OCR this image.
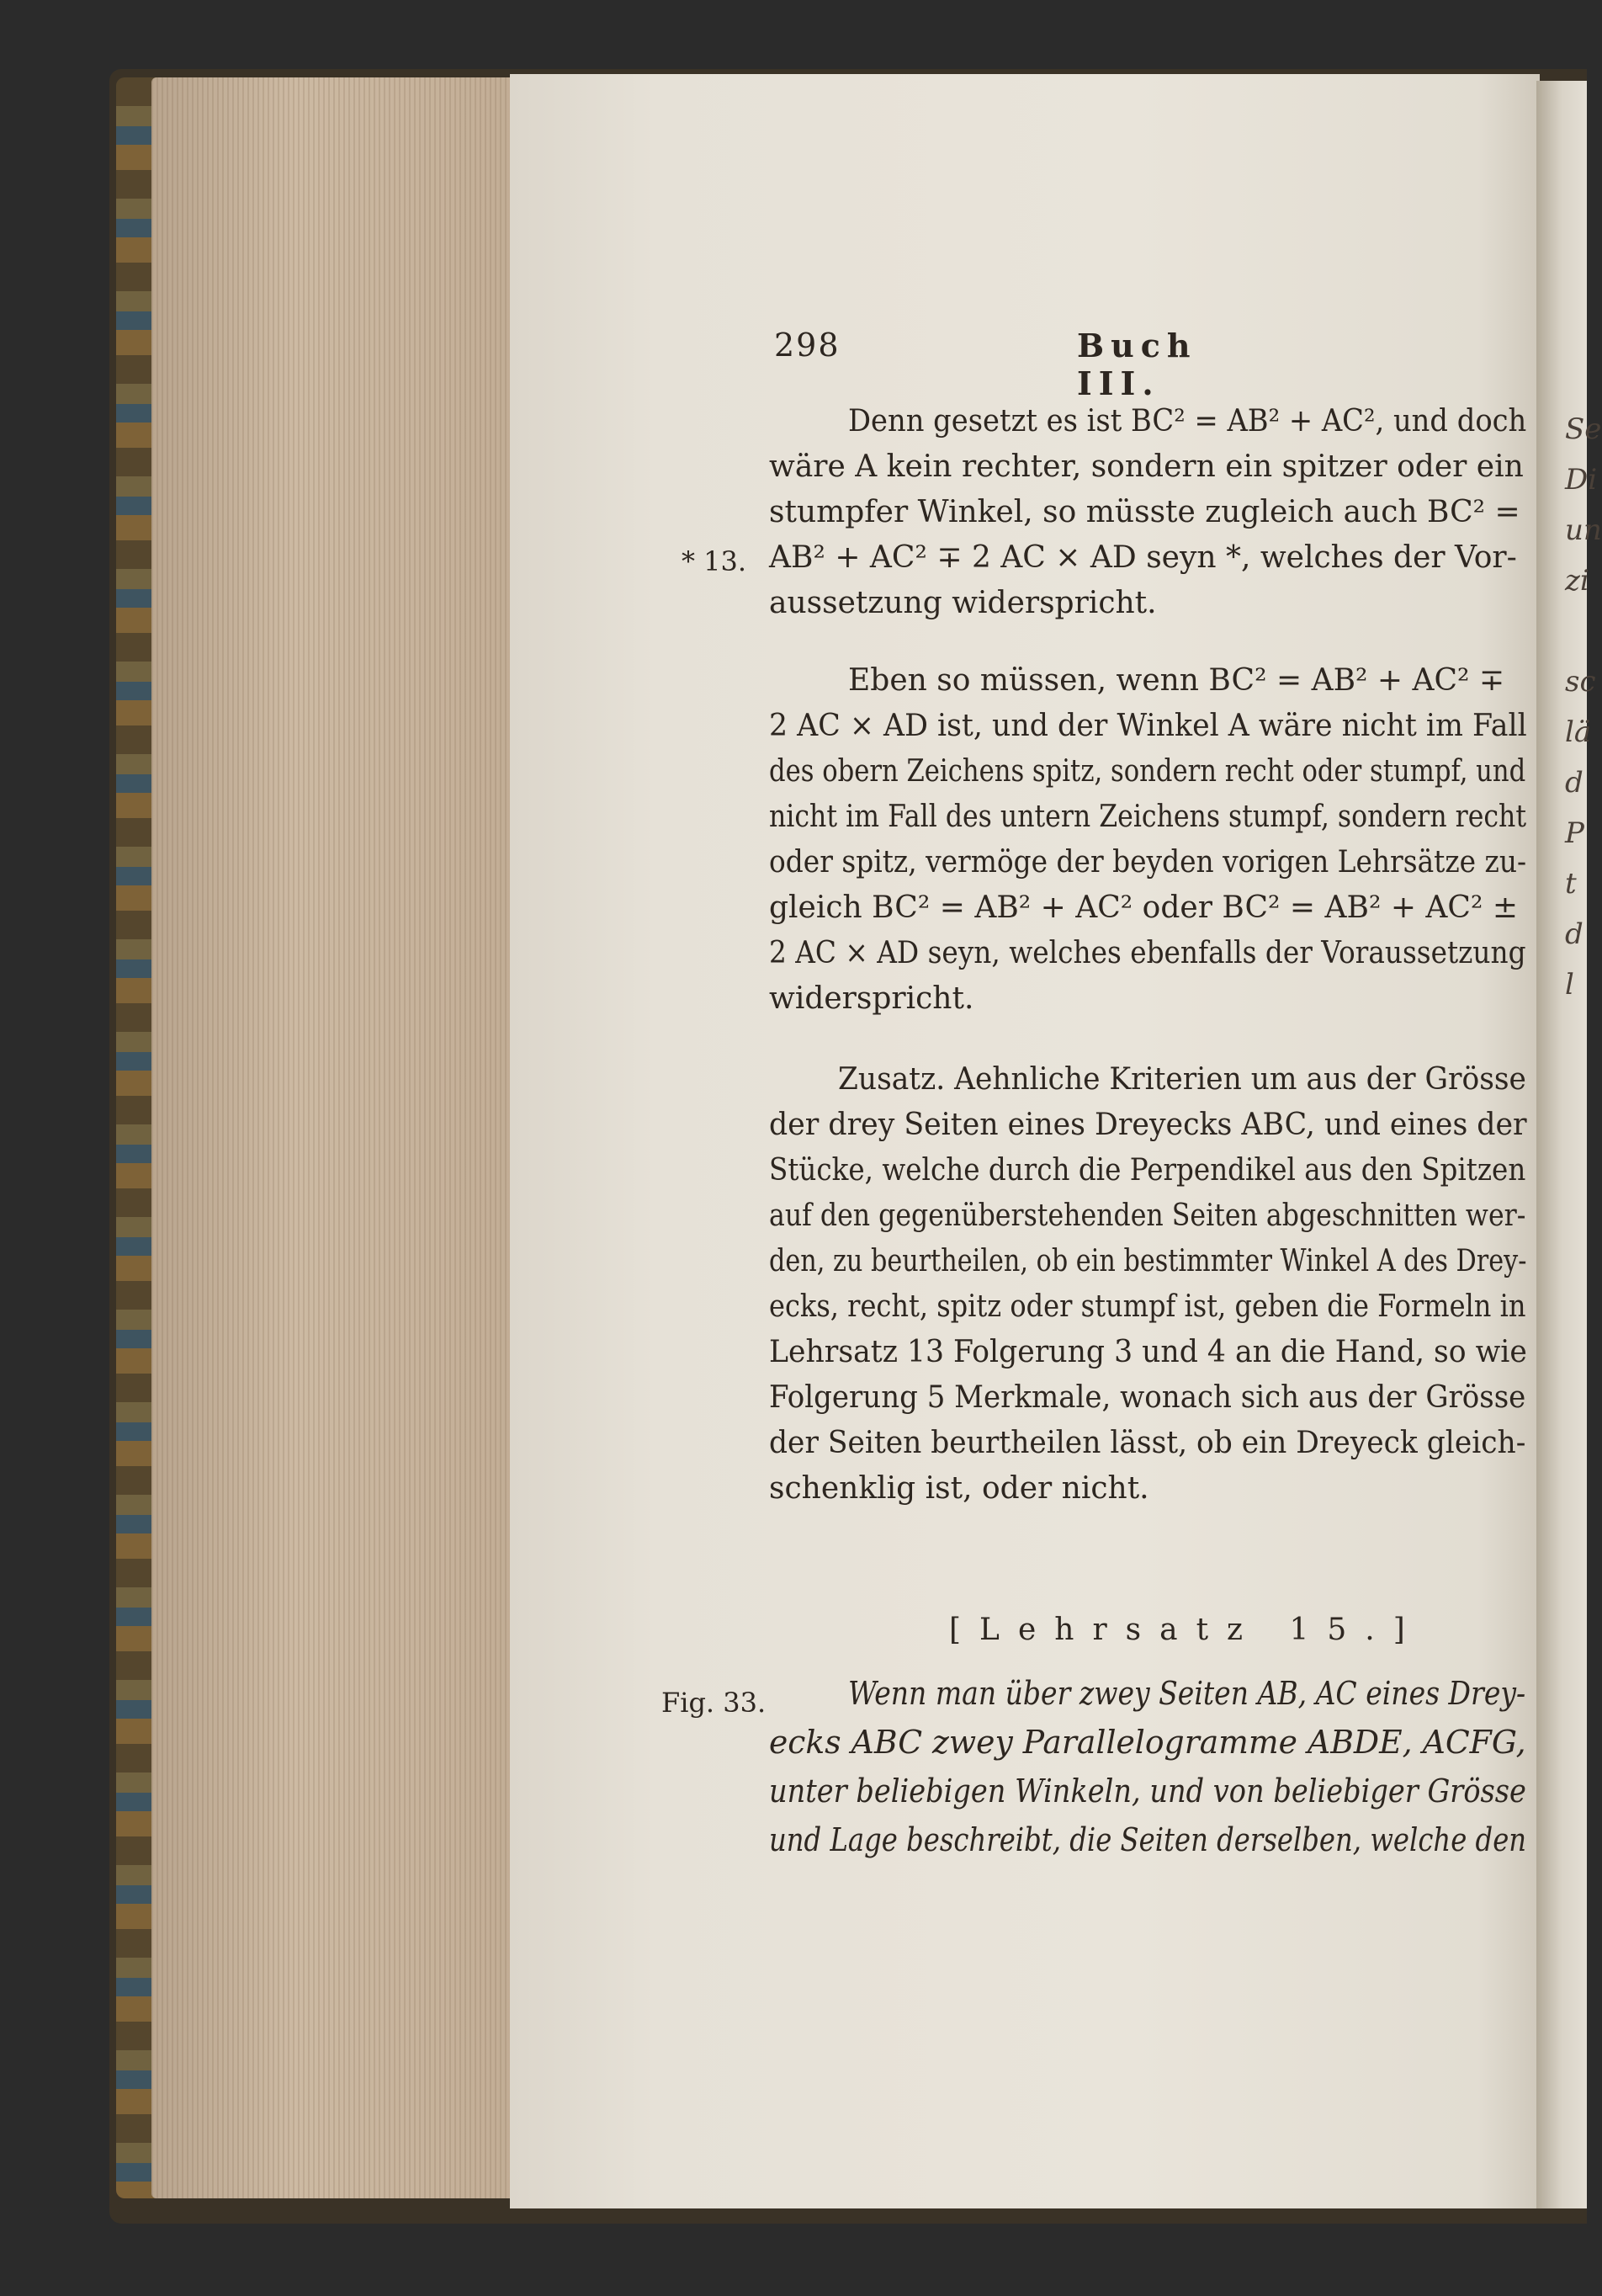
Se
Di
un
zi
sc
lä
d
P
t
d
l
298	Buch III.
* 13.
Fig. 33.
Denn gesetzt es ist BC² = AB² + AC², und doch
wäre A kein rechter, sondern ein spitzer oder ein
stumpfer Winkel, so müsste zugleich auch BC² =
AB² + AC² ∓ 2 AC × AD seyn *, welches der Vor-
aussetzung widerspricht.
Eben so müssen, wenn BC² = AB² + AC² ∓
2 AC × AD ist, und der Winkel A wäre nicht im Fall
des obern Zeichens spitz, sondern recht oder stumpf, und
nicht im Fall des untern Zeichens stumpf, sondern recht
oder spitz, vermöge der beyden vorigen Lehrsätze zu-
gleich BC² = AB² + AC² oder BC² = AB² + AC² ±
2 AC × AD seyn, welches ebenfalls der Voraussetzung
widerspricht.
Zusatz. Aehnliche Kriterien um aus der Grösse
der drey Seiten eines Dreyecks ABC, und eines der
Stücke, welche durch die Perpendikel aus den Spitzen
auf den gegenüberstehenden Seiten abgeschnitten wer-
den, zu beurtheilen, ob ein bestimmter Winkel A des Drey-
ecks, recht, spitz oder stumpf ist, geben die Formeln in
Lehrsatz 13 Folgerung 3 und 4 an die Hand, so wie
Folgerung 5 Merkmale, wonach sich aus der Grösse
der Seiten beurtheilen lässt, ob ein Dreyeck gleich-
schenklig ist, oder nicht.
[Lehrsatz 15.]
Wenn man über zwey Seiten AB, AC eines Drey-
ecks ABC zwey Parallelogramme ABDE, ACFG,
unter beliebigen Winkeln, und von beliebiger Grösse
und Lage beschreibt, die Seiten derselben, welche den
